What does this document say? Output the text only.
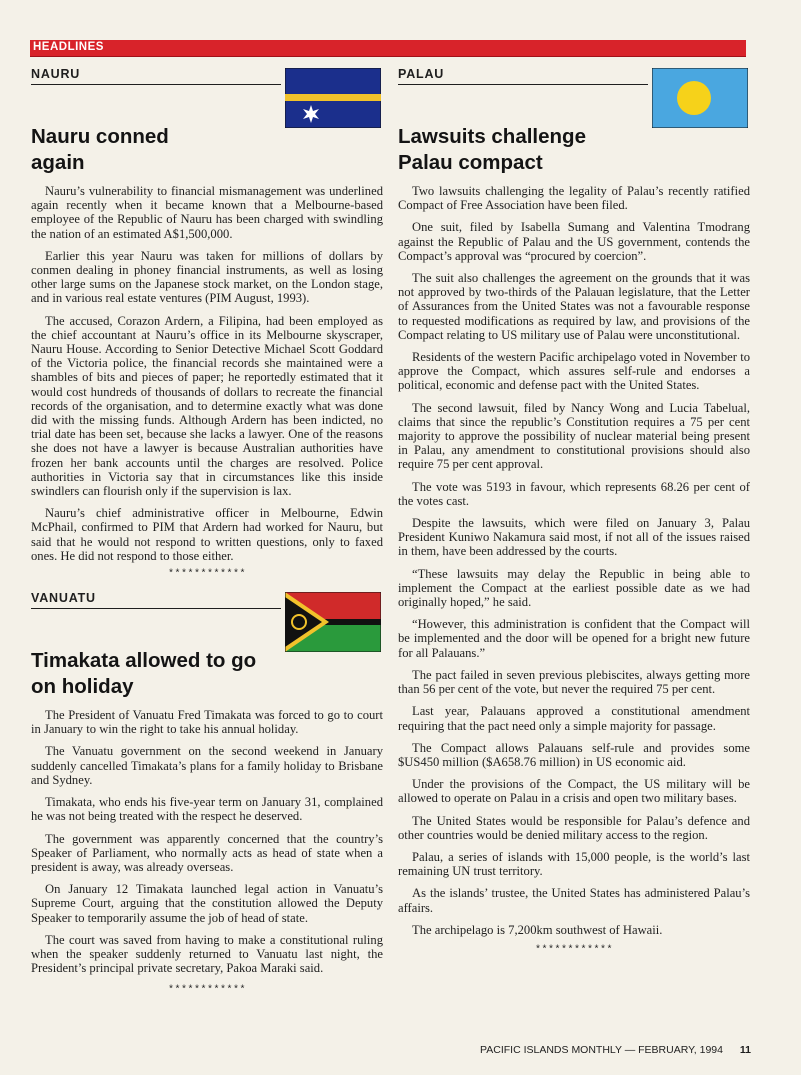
HEADLINES
NAURU
Nauru conned again

Nauru’s vulnerability to financial mismanagement was underlined again recently when it became known that a Melbourne-based employee of the Republic of Nauru has been charged with swindling the nation of an estimated A$1,500,000.

Earlier this year Nauru was taken for millions of dollars by conmen dealing in phoney financial instruments, as well as losing other large sums on the Japanese stock market, on the London stage, and in various real estate ventures (PIM August, 1993).

The accused, Corazon Ardern, a Filipina, had been employed as the chief accountant at Nauru’s office in its Melbourne skyscraper, Nauru House. According to Senior Detective Michael Scott Goddard of the Victoria police, the financial records she maintained were a shambles of bits and pieces of paper; he reportedly estimated that it would cost hundreds of thousands of dollars to recreate the financial records of the organisation, and to determine exactly what was done did with the missing funds. Although Ardern has been indicted, no trial date has been set, because she lacks a lawyer. One of the reasons she does not have a lawyer is because Australian authorities have frozen her bank accounts until the charges are resolved. Police authorities in Victoria say that in circumstances like this inside swindlers can flourish only if the supervision is lax.

Nauru’s chief administrative officer in Melbourne, Edwin McPhail, confirmed to PIM that Ardern had worked for Nauru, but said that he would not respond to written questions, only to faxed ones. He did not respond to those either.

************
VANUATU
Timakata allowed to go on holiday

The President of Vanuatu Fred Timakata was forced to go to court in January to win the right to take his annual holiday.

The Vanuatu government on the second weekend in January suddenly cancelled Timakata’s plans for a family holiday to Brisbane and Sydney.

Timakata, who ends his five-year term on January 31, complained he was not being treated with the respect he deserved.

The government was apparently concerned that the country’s Speaker of Parliament, who normally acts as head of state when a president is away, was already overseas.

On January 12 Timakata launched legal action in Vanuatu’s Supreme Court, arguing that the constitution allowed the Deputy Speaker to temporarily assume the job of head of state.

The court was saved from having to make a constitutional ruling when the speaker suddenly returned to Vanuatu last night, the President’s principal private secretary, Pakoa Maraki said.

************
PALAU
Lawsuits challenge Palau compact

Two lawsuits challenging the legality of Palau’s recently ratified Compact of Free Association have been filed.

One suit, filed by Isabella Sumang and Valentina Tmodrang against the Republic of Palau and the US government, contends the Compact’s approval was “procured by coercion”.

The suit also challenges the agreement on the grounds that it was not approved by two-thirds of the Palauan legislature, that the Letter of Assurances from the United States was not a favourable response to requested modifications as required by law, and provisions of the Compact relating to US military use of Palau were unconstitutional.

Residents of the western Pacific archipelago voted in November to approve the Compact, which assures self-rule and endorses a political, economic and defense pact with the United States.

The second lawsuit, filed by Nancy Wong and Lucia Tabelual, claims that since the republic’s Constitution requires a 75 per cent majority to approve the possibility of nuclear material being present in Palau, any amendment to constitutional provisions should also require 75 per cent approval.

The vote was 5193 in favour, which represents 68.26 per cent of the votes cast.

Despite the lawsuits, which were filed on January 3, Palau President Kuniwo Nakamura said most, if not all of the issues raised in them, have been addressed by the courts.

“These lawsuits may delay the Republic in being able to implement the Compact at the earliest possible date as we had originally hoped,” he said.

“However, this administration is confident that the Compact will be implemented and the door will be opened for a bright new future for all Palauans.”

The pact failed in seven previous plebiscites, always getting more than 56 per cent of the vote, but never the required 75 per cent.

Last year, Palauans approved a constitutional amendment requiring that the pact need only a simple majority for passage.

The Compact allows Palauans self-rule and provides some $US450 million ($A658.76 million) in US economic aid.

Under the provisions of the Compact, the US military will be allowed to operate on Palau in a crisis and open two military bases.

The United States would be responsible for Palau’s defence and other countries would be denied military access to the region.

Palau, a series of islands with 15,000 people, is the world’s last remaining UN trust territory.

As the islands’ trustee, the United States has administered Palau’s affairs.

The archipelago is 7,200km southwest of Hawaii.

************
PACIFIC ISLANDS MONTHLY — FEBRUARY, 1994 11
